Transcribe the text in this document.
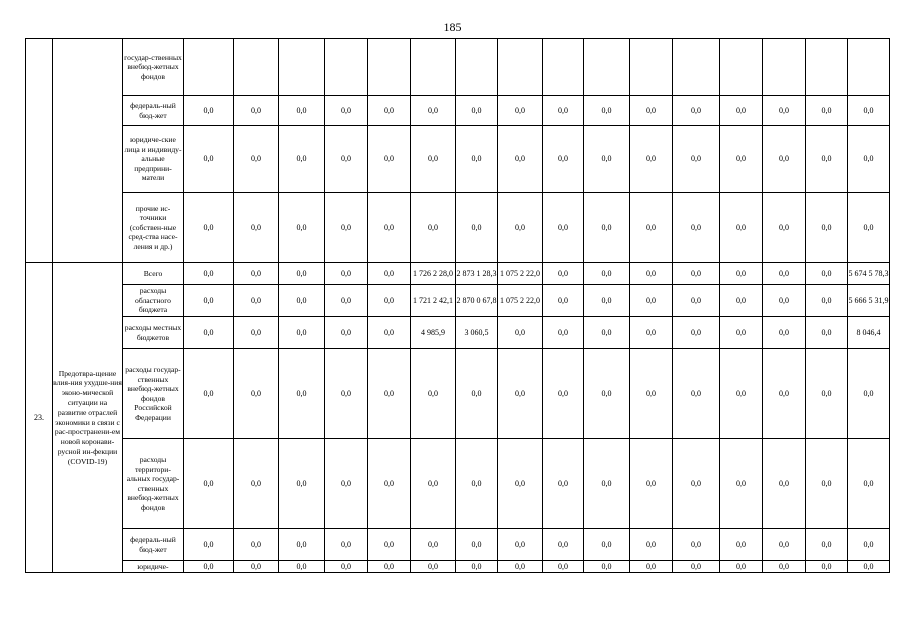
185
		государ-ственных внебюд-жетных фондов																
		федераль-ный бюд-жет	0,0	0,0	0,0	0,0	0,0	0,0	0,0	0,0	0,0	0,0	0,0	0,0	0,0	0,0	0,0	0,0
		юридиче-ские лица и индивиду-альные предприни-матели	0,0	0,0	0,0	0,0	0,0	0,0	0,0	0,0	0,0	0,0	0,0	0,0	0,0	0,0	0,0	0,0
		прочие ис-точники (собствен-ные сред-ства насе-ления и др.)	0,0	0,0	0,0	0,0	0,0	0,0	0,0	0,0	0,0	0,0	0,0	0,0	0,0	0,0	0,0	0,0
23.	Предотвра-щение влия-ния ухудше-ния эконо-мической ситуации на развитие отраслей экономики в связи с рас-пространени-ем новой коронави-русной ин-фекции (COVID-19)	Всего	0,0	0,0	0,0	0,0	0,0	1 726 2 28,0	2 873 1 28,3	1 075 2 22,0	0,0	0,0	0,0	0,0	0,0	0,0	0,0	5 674 5 78,3
		расходы областного бюджета	0,0	0,0	0,0	0,0	0,0	1 721 2 42,1	2 870 0 67,8	1 075 2 22,0	0,0	0,0	0,0	0,0	0,0	0,0	0,0	5 666 5 31,9
		расходы местных бюджетов	0,0	0,0	0,0	0,0	0,0	4 985,9	3 060,5	0,0	0,0	0,0	0,0	0,0	0,0	0,0	0,0	8 046,4
		расходы государ-ственных внебюд-жетных фондов Российской Федерации	0,0	0,0	0,0	0,0	0,0	0,0	0,0	0,0	0,0	0,0	0,0	0,0	0,0	0,0	0,0	0,0
		расходы территори-альных государ-ственных внебюд-жетных фондов	0,0	0,0	0,0	0,0	0,0	0,0	0,0	0,0	0,0	0,0	0,0	0,0	0,0	0,0	0,0	0,0
		федераль-ный бюд-жет	0,0	0,0	0,0	0,0	0,0	0,0	0,0	0,0	0,0	0,0	0,0	0,0	0,0	0,0	0,0	0,0
		юридиче-	0,0	0,0	0,0	0,0	0,0	0,0	0,0	0,0	0,0	0,0	0,0	0,0	0,0	0,0	0,0	0,0
